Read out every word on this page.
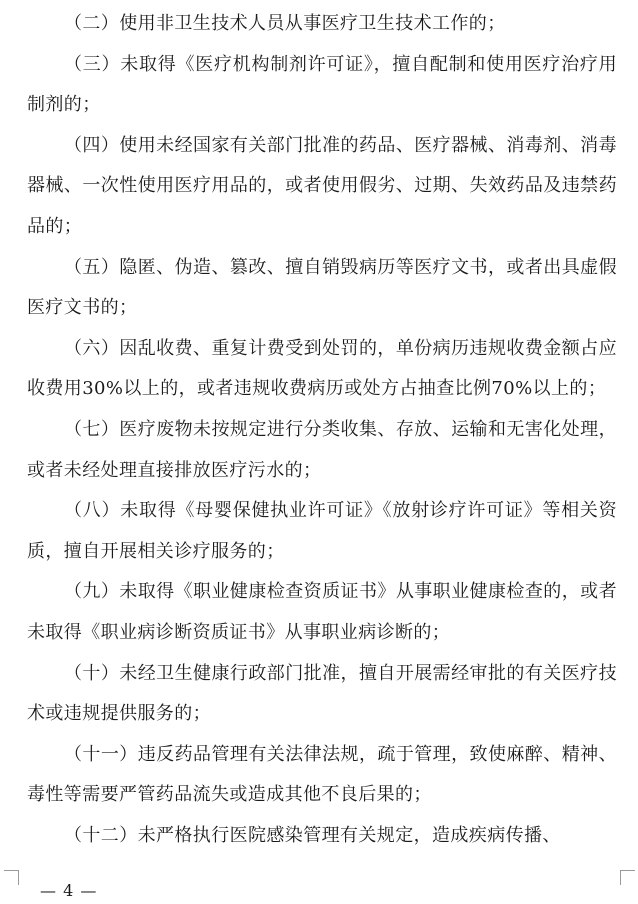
（二）使用非卫生技术人员从事医疗卫生技术工作的；

（三）未取得《医疗机构制剂许可证》，擅自配制和使用医疗治疗用制剂的；

（四）使用未经国家有关部门批准的药品、医疗器械、消毒剂、消毒器械、一次性使用医疗用品的，或者使用假劣、过期、失效药品及违禁药品的；

（五）隐匿、伪造、篡改、擅自销毁病历等医疗文书，或者出具虚假医疗文书的；

（六）因乱收费、重复计费受到处罚的，单份病历违规收费金额占应收费用30%以上的，或者违规收费病历或处方占抽查比例70%以上的；

（七）医疗废物未按规定进行分类收集、存放、运输和无害化处理，或者未经处理直接排放医疗污水的；

（八）未取得《母婴保健执业许可证》《放射诊疗许可证》等相关资质，擅自开展相关诊疗服务的；

（九）未取得《职业健康检查资质证书》从事职业健康检查的，或者未取得《职业病诊断资质证书》从事职业病诊断的；

（十）未经卫生健康行政部门批准，擅自开展需经审批的有关医疗技术或违规提供服务的；

（十一）违反药品管理有关法律法规，疏于管理，致使麻醉、精神、毒性等需要严管药品流失或造成其他不良后果的；

（十二）未严格执行医院感染管理有关规定，造成疾病传播、

— 4 —
